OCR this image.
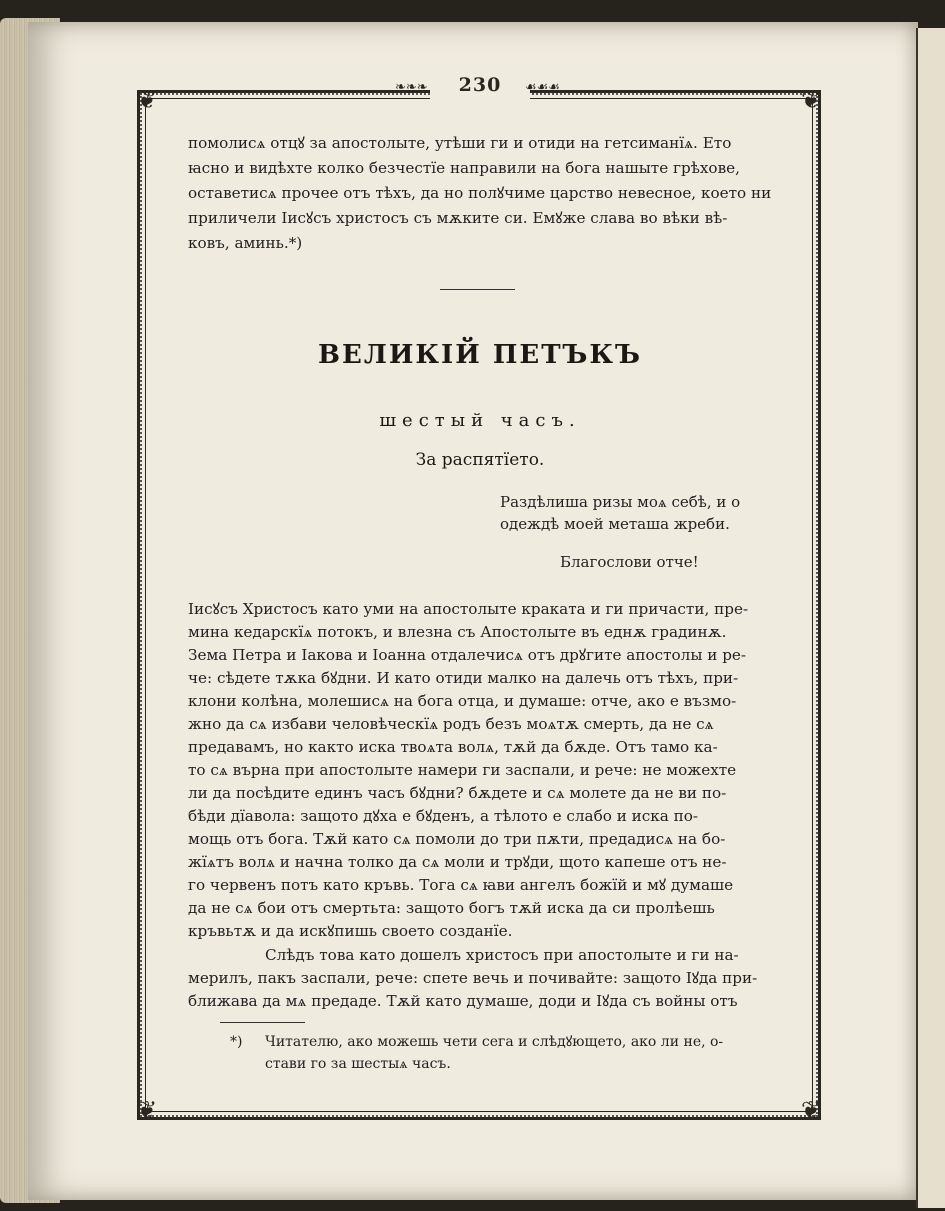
❦	❦
❦	❦
❧❧❧	230	☙☙☙
помолисѧ отцꙋ за апостолыте, утѣши ги и отиди на гетсиманїѧ. Ето
ꙗсно и видѣхте колко безчестїе направили на бога нашыте грѣхове,
оставетисѧ прочее отъ тѣхъ, да но полꙋчиме царство невесное, което ни
приличели Іисꙋсъ христосъ съ мѫките си. Емꙋже слава во вѣки вѣ-
ковъ, аминь.*)
ВЕЛИКІЙ ПЕТЪКЪ
шестый часъ.
За распятїето.
Раздѣлиша ризы моѧ себѣ, и о
одеждѣ моей меташа жреби.
Благослови отче!
Іисꙋсъ Христосъ като уми на апостолыте краката и ги причасти, пре-
мина кедарскїѧ потокъ, и влезна съ Апостолыте въ еднѫ градинѫ.
Зема Петра и Іакова и Іоанна отдалечисѧ отъ дрꙋгите апостолы и ре-
че: сѣдете тѫка бꙋдни. И като отиди малко на далечь отъ тѣхъ, при-
клони колѣна, молешисѧ на бога отца, и думаше: отче, ако е възмо-
жно да сѧ избави человѣческїѧ родъ безъ моѧтѫ смерть, да не сѧ
предавамъ, но както иска твоѧта волѧ, тѫй да бѫде. Отъ тамо ка-
то сѧ върна при апостолыте намери ги заспали, и рече: не можехте
ли да посѣдите единъ часъ бꙋдни? бѫдете и сѧ молете да не ви по-
бѣди дїавола: защото дꙋха е бꙋденъ, а тѣлото е слабо и иска по-
мощь отъ бога. Тѫй като сѧ помоли до три пѫти, предадисѧ на бо-
жїѧтъ волѧ и начна толко да сѧ моли и трꙋди, щото капеше отъ не-
го червенъ потъ като кръвь. Тога сѧ ꙗви ангелъ божїй и мꙋ думаше
да не сѧ бои отъ смертьта: защото богъ тѫй иска да си пролѣешь
кръвьтѫ и да искꙋпишь своето созданїе.
Слѣдъ това като дошелъ христосъ при апостолыте и ги на-
мерилъ, пакъ заспали, рече: спете вечь и почивайте: защото Іꙋда при-
ближава да мѧ предаде. Тѫй като думаше, доди и Іꙋда съ войны отъ
*) Читателю, ако можешь чети сега и слѣдꙋющето, ако ли не, о-
стави го за шестыѧ часъ.
